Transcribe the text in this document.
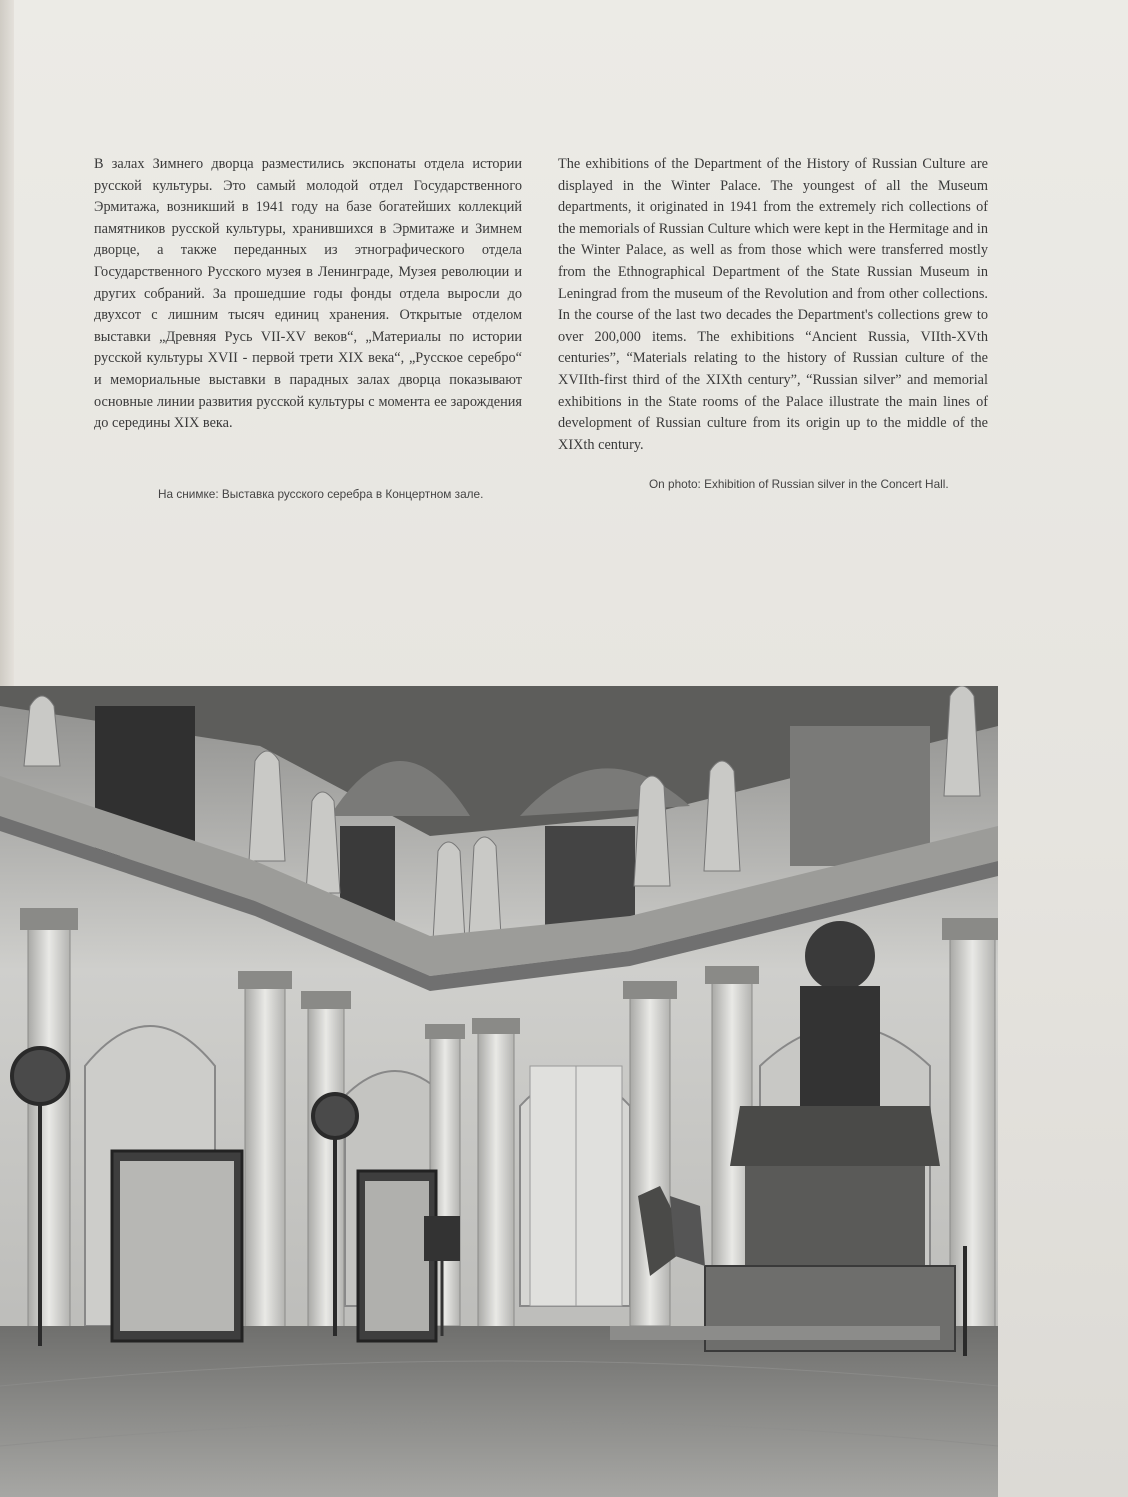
В залах Зимнего дворца разместились экспонаты отдела истории русской культуры. Это самый молодой отдел Государственного Эрмитажа, возникший в 1941 году на базе богатейших коллекций памятников русской культуры, хранившихся в Эрмитаже и Зимнем дворце, а также переданных из этнографического отдела Государственного Русского музея в Ленинграде, Музея революции и других собраний. За прошедшие годы фонды отдела выросли до двухсот с лишним тысяч единиц хранения. Открытые отделом выставки „Древняя Русь VII-XV веков“, „Материалы по истории русской культуры XVII - первой трети XIX века“, „Русское серебро“ и мемориальные выставки в парадных залах дворца показывают основные линии развития русской культуры с момента ее зарождения до середины XIX века.
The exhibitions of the Department of the History of Russian Culture are displayed in the Winter Palace. The youngest of all the Museum departments, it originated in 1941 from the extremely rich collections of the memorials of Russian Culture which were kept in the Hermitage and in the Winter Palace, as well as from those which were transferred mostly from the Ethnographical Department of the State Russian Museum in Leningrad from the museum of the Revolution and from other collections. In the course of the last two decades the Department's collections grew to over 200,000 items. The exhibitions “Ancient Russia, VIIth-XVth centuries”, “Materials relating to the history of Russian culture of the XVIIth-first third of the XIXth century”, “Russian silver” and memorial exhibitions in the State rooms of the Palace illustrate the main lines of development of Russian culture from its origin up to the middle of the XIXth century.
На снимке: Выставка русского серебра в Концертном зале.
On photo: Exhibition of Russian silver in the Concert Hall.
